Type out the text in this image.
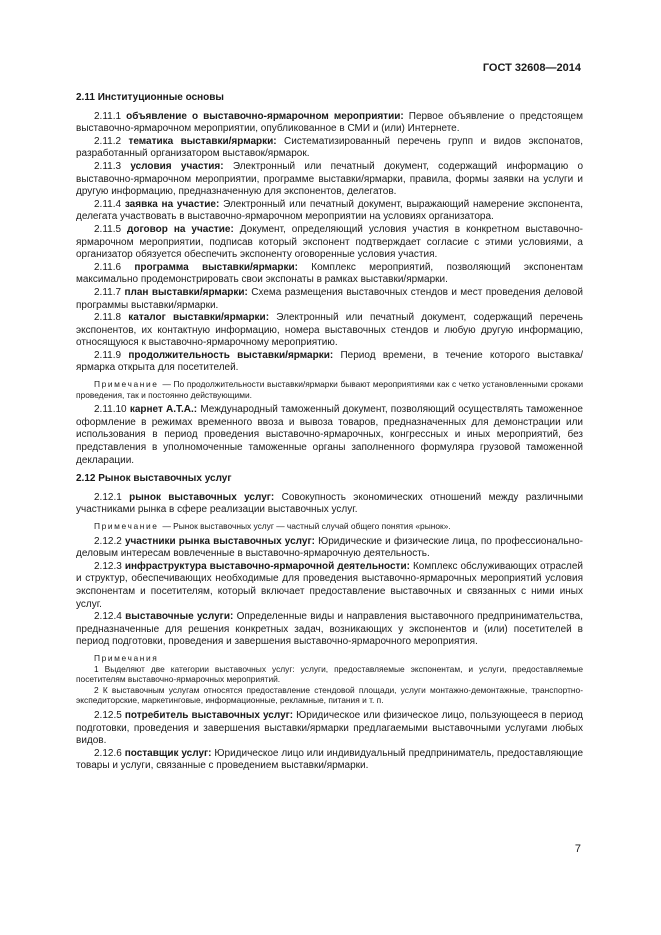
ГОСТ 32608—2014
2.11 Институционные основы

2.11.1 объявление о выставочно-ярмарочном мероприятии: Первое объявление о предстоящем выставочно-ярмарочном мероприятии, опубликованное в СМИ и (или) Интернете.

2.11.2 тематика выставки/ярмарки: Систематизированный перечень групп и видов экспонатов, разработанный организатором выставок/ярмарок.

2.11.3 условия участия: Электронный или печатный документ, содержащий информацию о выставочно-ярмарочном мероприятии, программе выставки/ярмарки, правила, формы заявки на услуги и другую информацию, предназначенную для экспонентов, делегатов.

2.11.4 заявка на участие: Электронный или печатный документ, выражающий намерение экспонента, делегата участвовать в выставочно-ярмарочном мероприятии на условиях организатора.

2.11.5 договор на участие: Документ, определяющий условия участия в конкретном выставочно-ярмарочном мероприятии, подписав который экспонент подтверждает согласие с этими условиями, а организатор обязуется обеспечить экспоненту оговоренные условия участия.

2.11.6 программа выставки/ярмарки: Комплекс мероприятий, позволяющий экспонентам максимально продемонстрировать свои экспонаты в рамках выставки/ярмарки.

2.11.7 план выставки/ярмарки: Схема размещения выставочных стендов и мест проведения деловой программы выставки/ярмарки.

2.11.8 каталог выставки/ярмарки: Электронный или печатный документ, содержащий перечень экспонентов, их контактную информацию, номера выставочных стендов и любую другую информацию, относящуюся к выставочно-ярмарочному мероприятию.

2.11.9 продолжительность выставки/ярмарки: Период времени, в течение которого выставка/ярмарка открыта для посетителей.

Примечание — По продолжительности выставки/ярмарки бывают мероприятиями как с четко установленными сроками проведения, так и постоянно действующими.

2.11.10 карнет А.Т.А.: Международный таможенный документ, позволяющий осуществлять таможенное оформление в режимах временного ввоза и вывоза товаров, предназначенных для демонстрации или использования в период проведения выставочно-ярмарочных, конгрессных и иных мероприятий, без представления в уполномоченные таможенные органы заполненного формуляра грузовой таможенной декларации.

2.12 Рынок выставочных услуг

2.12.1 рынок выставочных услуг: Совокупность экономических отношений между различными участниками рынка в сфере реализации выставочных услуг.

Примечание — Рынок выставочных услуг — частный случай общего понятия «рынок».

2.12.2 участники рынка выставочных услуг: Юридические и физические лица, по профессионально-деловым интересам вовлеченные в выставочно-ярмарочную деятельность.

2.12.3 инфраструктура выставочно-ярмарочной деятельности: Комплекс обслуживающих отраслей и структур, обеспечивающих необходимые для проведения выставочно-ярмарочных мероприятий условия экспонентам и посетителям, который включает предоставление выставочных и связанных с ними иных услуг.

2.12.4 выставочные услуги: Определенные виды и направления выставочного предпринимательства, предназначенные для решения конкретных задач, возникающих у экспонентов и (или) посетителей в период подготовки, проведения и завершения выставочно-ярмарочного мероприятия.

Примечания

1 Выделяют две категории выставочных услуг: услуги, предоставляемые экспонентам, и услуги, предоставляемые посетителям выставочно-ярмарочных мероприятий.

2 К выставочным услугам относятся предоставление стендовой площади, услуги монтажно-демонтажные, транспортно-экспедиторские, маркетинговые, информационные, рекламные, питания и т. п.

2.12.5 потребитель выставочных услуг: Юридическое или физическое лицо, пользующееся в период подготовки, проведения и завершения выставки/ярмарки предлагаемыми выставочными услугами любых видов.

2.12.6 поставщик услуг: Юридическое лицо или индивидуальный предприниматель, предоставляющие товары и услуги, связанные с проведением выставки/ярмарки.

7
